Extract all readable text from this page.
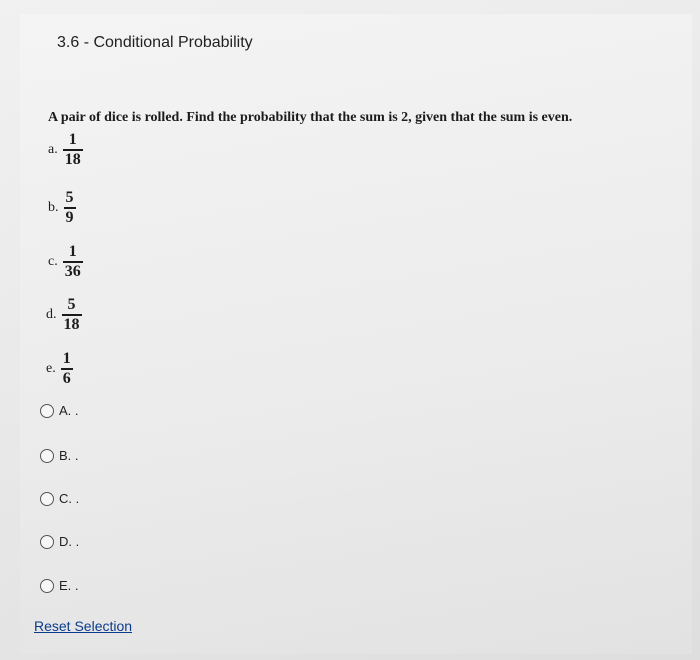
3.6 - Conditional Probability
A pair of dice is rolled. Find the probability that the sum is 2, given that the sum is even.
a. $\frac{1}{18}$
b. $\frac{5}{9}$
c. $\frac{1}{36}$
d. $\frac{5}{18}$
e. $\frac{1}{6}$
A. .
B. .
C. .
D. .
E. .
Reset Selection
